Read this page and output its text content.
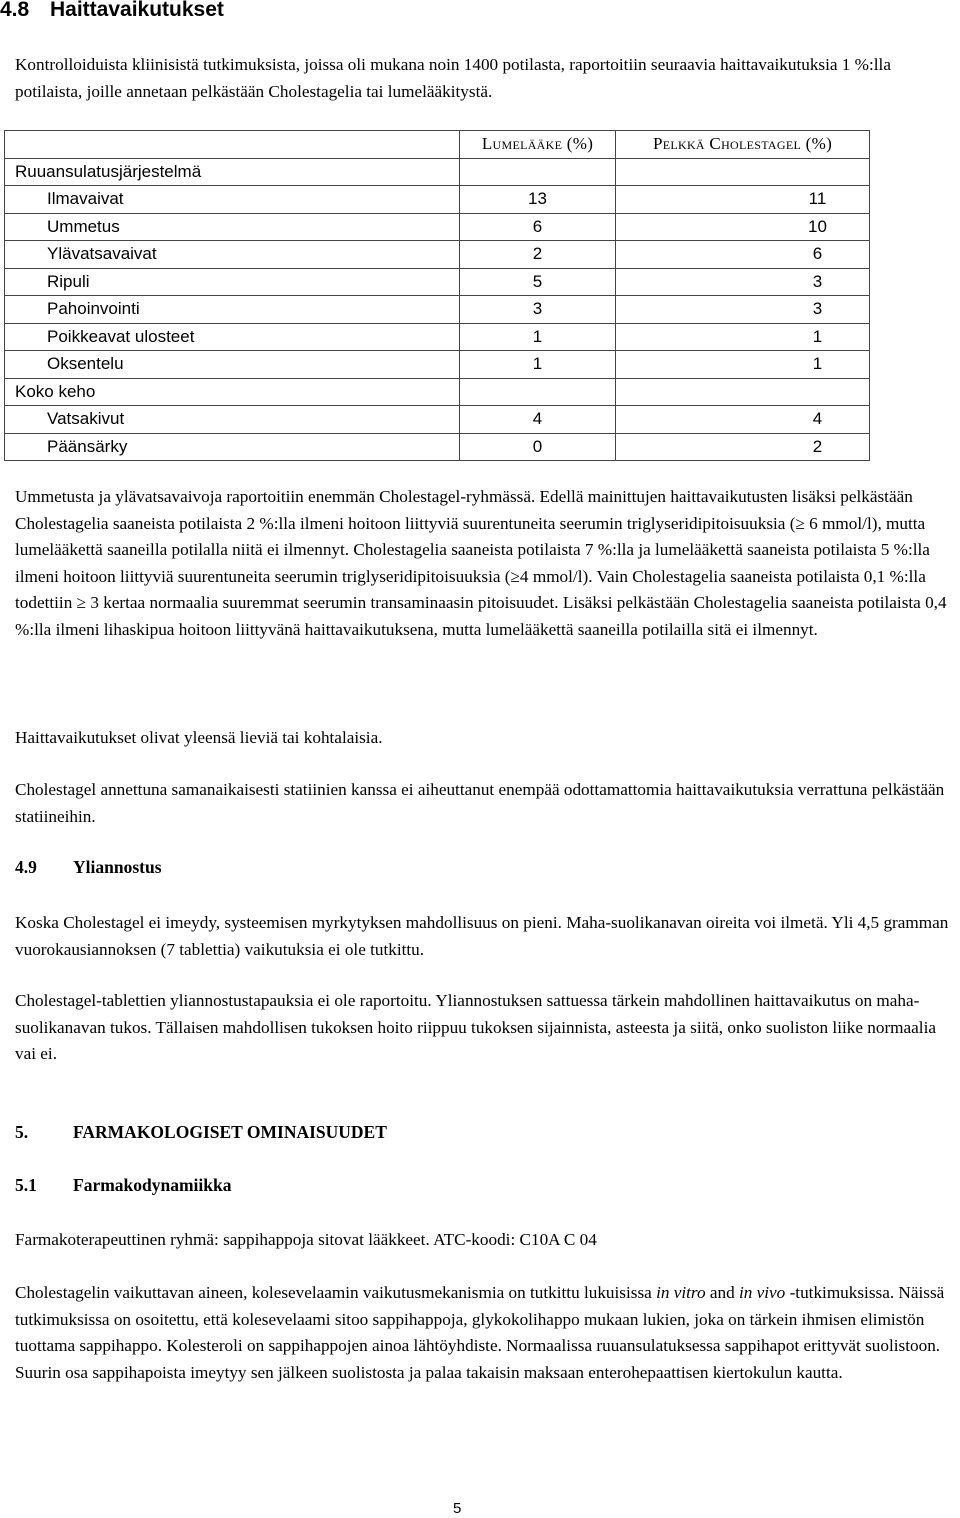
4.8 Haittavaikutukset

Kontrolloiduista kliinisistä tutkimuksista, joissa oli mukana noin 1400 potilasta, raportoitiin seuraavia haittavaikutuksia 1 %:lla potilaista, joille annetaan pelkästään Cholestagelia tai lumelääkitystä.

	Lumelääke (%)	Pelkkä Cholestagel (%)
Ruuansulatusjärjestelmä		
Ilmavaivat	13	11
Ummetus	6	10
Ylävatsavaivat	2	6
Ripuli	5	3
Pahoinvointi	3	3
Poikkeavat ulosteet	1	1
Oksentelu	1	1
Koko keho		
Vatsakivut	4	4
Päänsärky	0	2

Ummetusta ja ylävatsavaivoja raportoitiin enemmän Cholestagel-ryhmässä. Edellä mainittujen haittavaikutusten lisäksi pelkästään Cholestagelia saaneista potilaista 2 %:lla ilmeni hoitoon liittyviä suurentuneita seerumin triglyseridipitoisuuksia (≥ 6 mmol/l), mutta lumelääkettä saaneilla potilalla niitä ei ilmennyt. Cholestagelia saaneista potilaista 7 %:lla ja lumelääkettä saaneista potilaista 5 %:lla ilmeni hoitoon liittyviä suurentuneita seerumin triglyseridipitoisuuksia (≥4 mmol/l). Vain Cholestagelia saaneista potilaista 0,1 %:lla todettiin ≥ 3 kertaa normaalia suuremmat seerumin transaminaasin pitoisuudet. Lisäksi pelkästään Cholestagelia saaneista potilaista 0,4 %:lla ilmeni lihaskipua hoitoon liittyvänä haittavaikutuksena, mutta lumelääkettä saaneilla potilailla sitä ei ilmennyt.

Haittavaikutukset olivat yleensä lieviä tai kohtalaisia.

Cholestagel annettuna samanaikaisesti statiinien kanssa ei aiheuttanut enempää odottamattomia haittavaikutuksia verrattuna pelkästään statiineihin.

4.9 Yliannostus

Koska Cholestagel ei imeydy, systeemisen myrkytyksen mahdollisuus on pieni. Maha-suolikanavan oireita voi ilmetä. Yli 4,5 gramman vuorokausiannoksen (7 tablettia) vaikutuksia ei ole tutkittu.

Cholestagel-tablettien yliannostustapauksia ei ole raportoitu. Yliannostuksen sattuessa tärkein mahdollinen haittavaikutus on maha-suolikanavan tukos. Tällaisen mahdollisen tukoksen hoito riippuu tukoksen sijainnista, asteesta ja siitä, onko suoliston liike normaalia vai ei.

5.	FARMAKOLOGISET OMINAISUUDET
5.1 Farmakodynamiikka

Farmakoterapeuttinen ryhmä: sappihappoja sitovat lääkkeet. ATC-koodi: C10A C 04

Cholestagelin vaikuttavan aineen, kolesevelaamin vaikutusmekanismia on tutkittu lukuisissa in vitro and in vivo -tutkimuksissa. Näissä tutkimuksissa on osoitettu, että kolesevelaami sitoo sappihappoja, glykokolihappo mukaan lukien, joka on tärkein ihmisen elimistön tuottama sappihappo. Kolesteroli on sappihappojen ainoa lähtöyhdiste. Normaalissa ruuansulatuksessa sappihapot erittyvät suolistoon. Suurin osa sappihapoista imeytyy sen jälkeen suolistosta ja palaa takaisin maksaan enterohepaattisen kiertokulun kautta.

5
